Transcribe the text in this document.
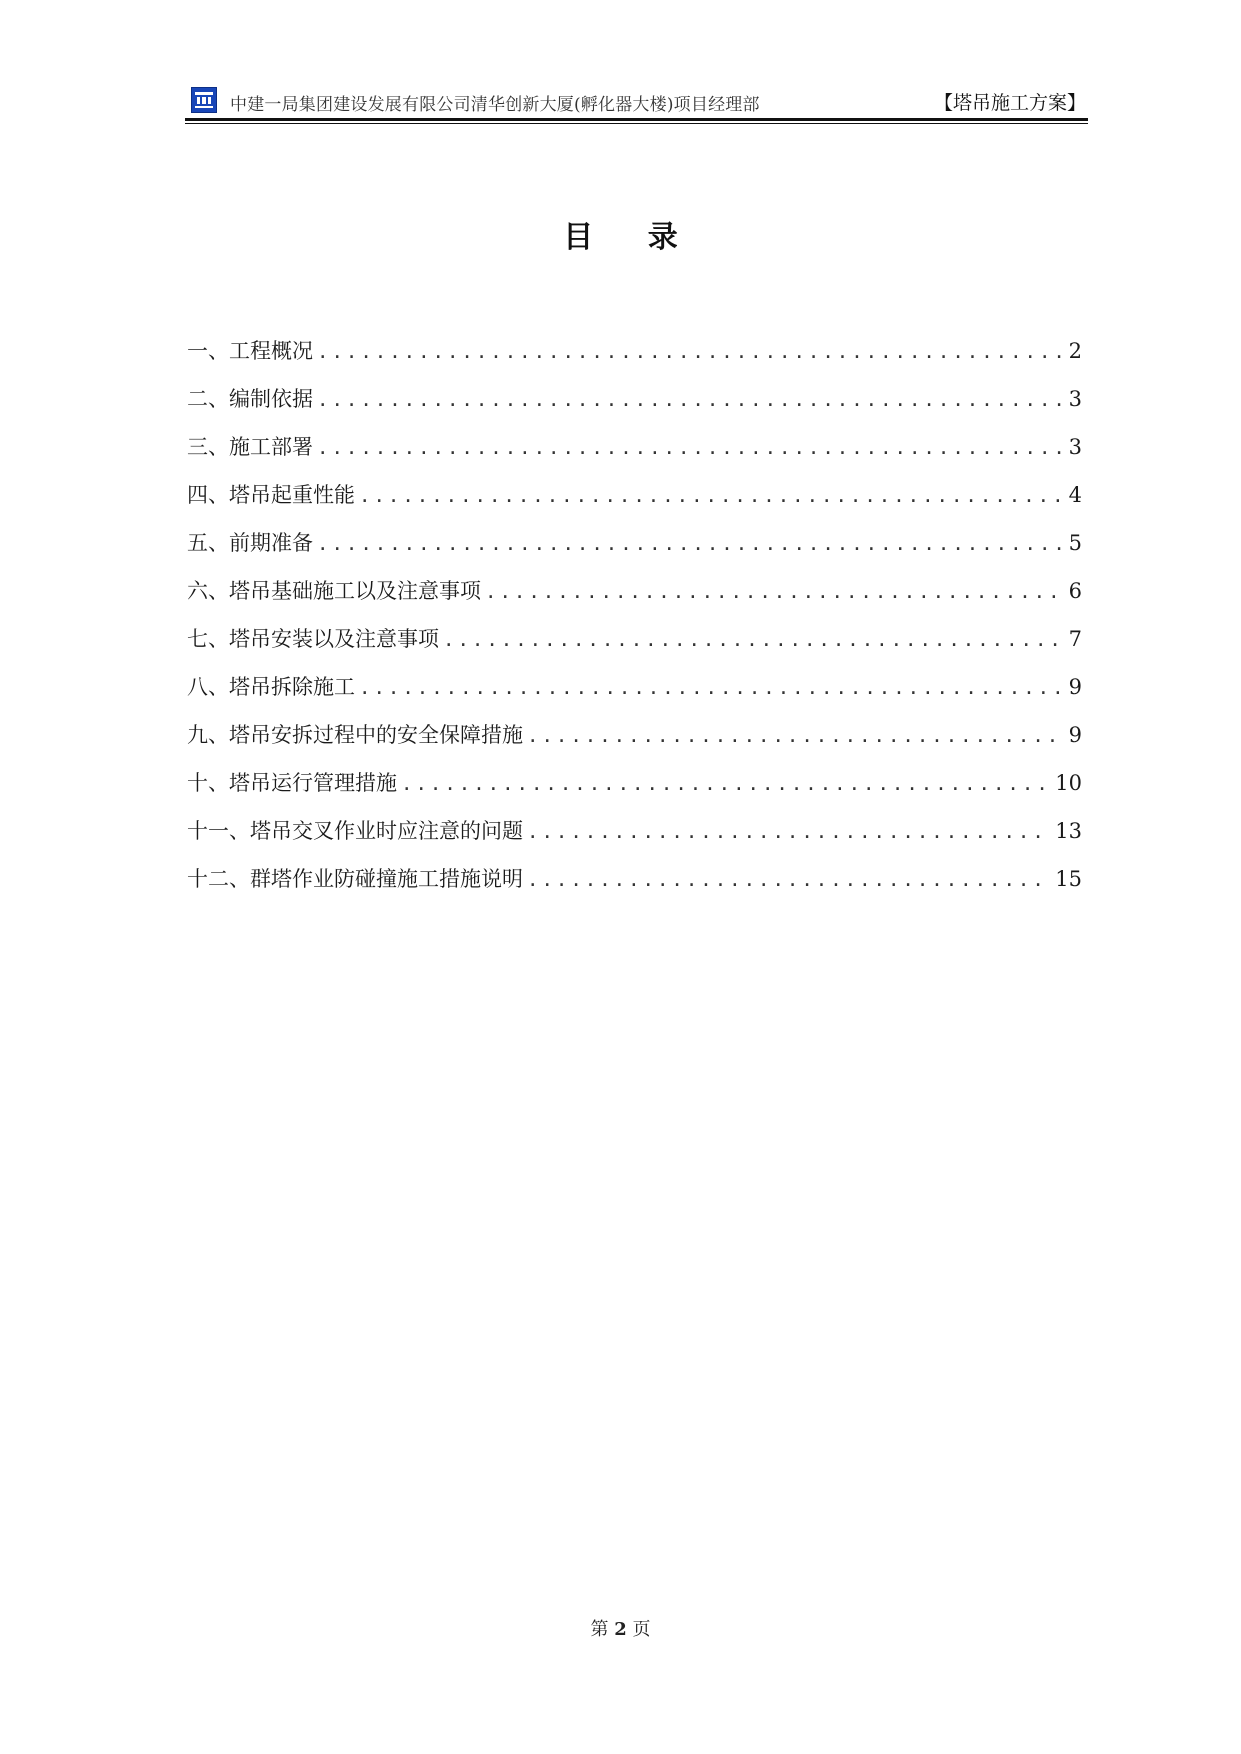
中建一局集团建设发展有限公司清华创新大厦(孵化器大楼)项目经理部	【塔吊施工方案】
目 录
一、工程概况 .....	2
二、编制依据 .....	3
三、施工部署 .....	3
四、塔吊起重性能 .....	4
五、前期准备 .....	5
六、塔吊基础施工以及注意事项 .....	6
七、塔吊安装以及注意事项 .....	7
八、塔吊拆除施工 .....	9
九、塔吊安拆过程中的安全保障措施 .....	9
十、塔吊运行管理措施 .....	10
十一、塔吊交叉作业时应注意的问题 .....	13
十二、群塔作业防碰撞施工措施说明 .....	15
第 2 页
